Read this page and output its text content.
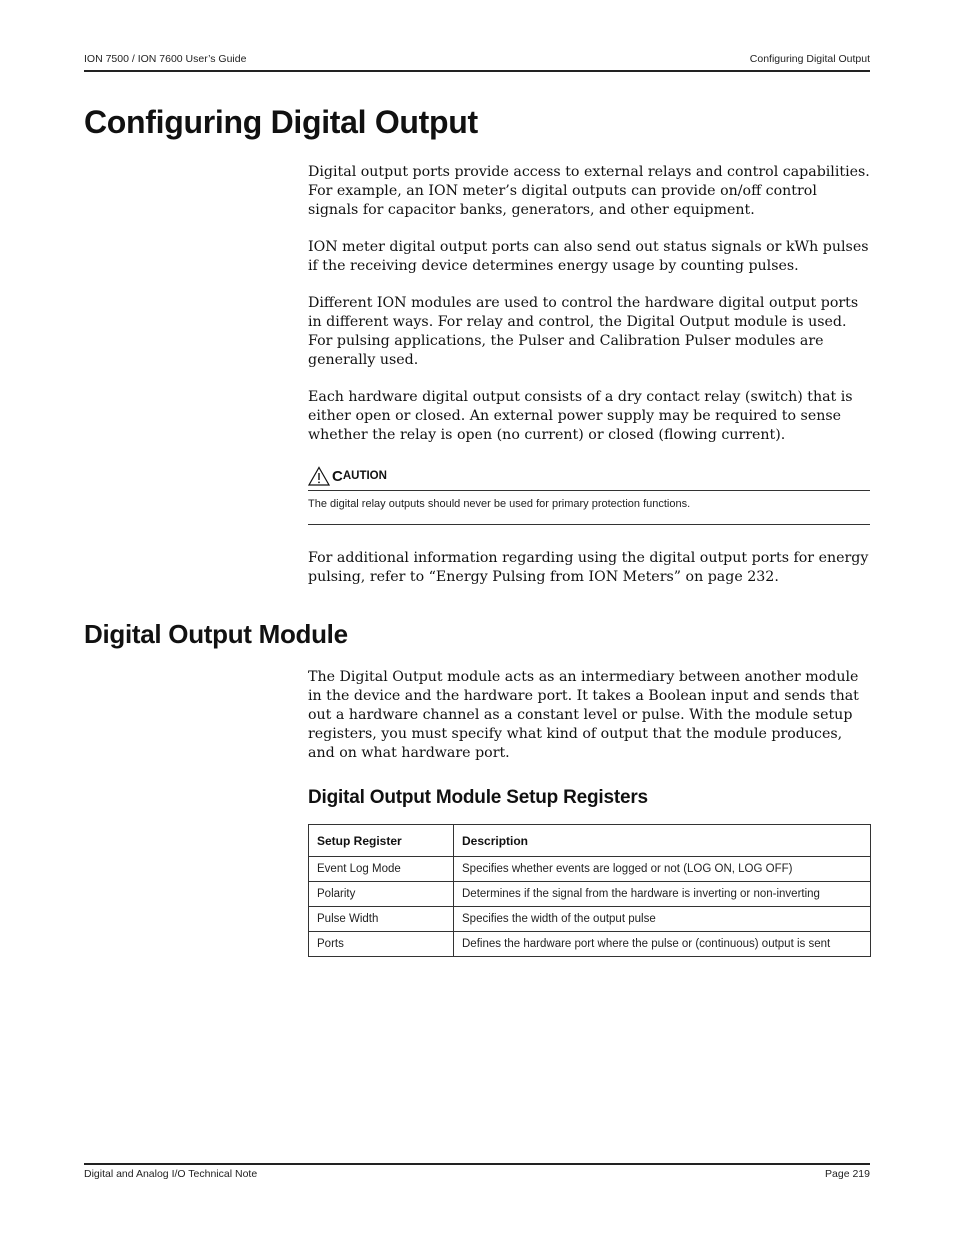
ION 7500 / ION 7600 User’s Guide	Configuring Digital Output
Configuring Digital Output

Digital output ports provide access to external relays and control capabilities. For example, an ION meter’s digital outputs can provide on/off control signals for capacitor banks, generators, and other equipment.

ION meter digital output ports can also send out status signals or kWh pulses if the receiving device determines energy usage by counting pulses.

Different ION modules are used to control the hardware digital output ports in different ways. For relay and control, the Digital Output module is used. For pulsing applications, the Pulser and Calibration Pulser modules are generally used.

Each hardware digital output consists of a dry contact relay (switch) that is either open or closed. An external power supply may be required to sense whether the relay is open (no current) or closed (flowing current).

C AUTION
The digital relay outputs should never be used for primary protection functions.

For additional information regarding using the digital output ports for energy pulsing, refer to “Energy Pulsing from ION Meters” on page 232.

Digital Output Module

The Digital Output module acts as an intermediary between another module in the device and the hardware port. It takes a Boolean input and sends that out a hardware channel as a constant level or pulse. With the module setup registers, you must specify what kind of output that the module produces, and on what hardware port.

Digital Output Module Setup Registers
Setup Register	Description
Event Log Mode	Specifies whether events are logged or not (LOG ON, LOG OFF)
Polarity	Determines if the signal from the hardware is inverting or non-inverting
Pulse Width	Specifies the width of the output pulse
Ports	Defines the hardware port where the pulse or (continuous) output is sent
Digital and Analog I/O Technical Note	Page 219
